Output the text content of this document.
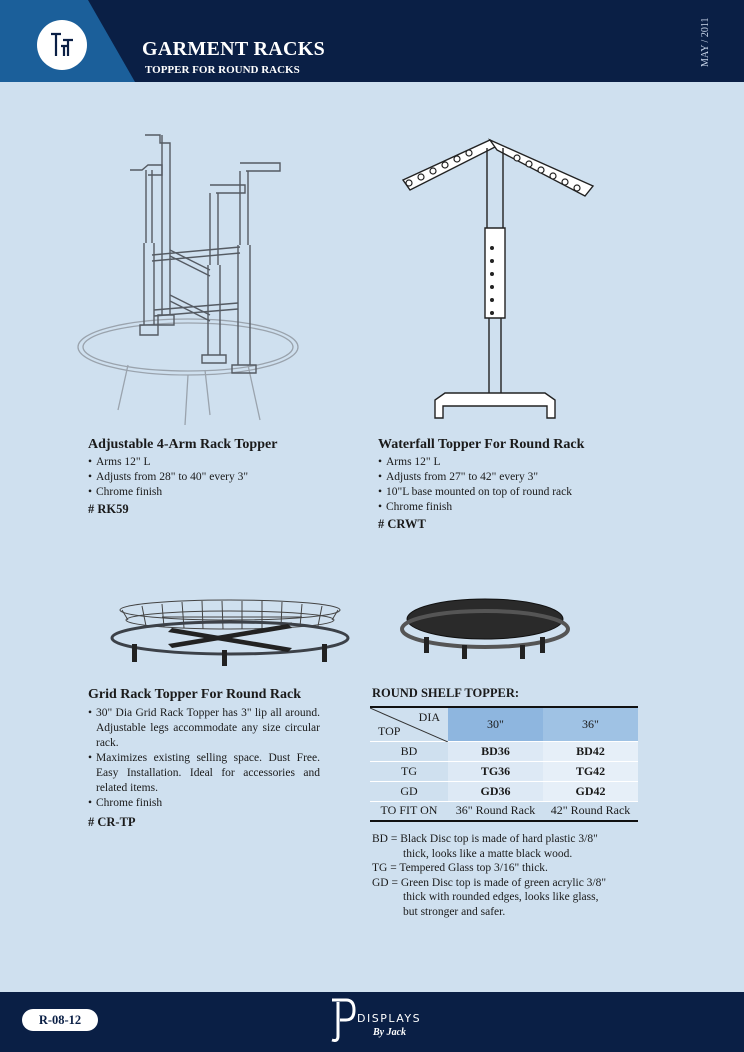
GARMENT RACKS
TOPPER FOR ROUND RACKS
MAY / 2011
Adjustable 4-Arm Rack Topper
• Arms 12" L
• Adjusts from 28" to 40" every 3"
• Chrome finish
# RK59
Waterfall Topper For Round Rack
• Arms 12" L
• Adjusts from 27" to 42" every 3"
• 10"L base mounted on top of round rack
• Chrome finish
# CRWT
Grid Rack Topper For Round Rack
• 30" Dia Grid Rack Topper has 3" lip all around. Adjustable legs accommodate any size circular rack.
• Maximizes existing selling space. Dust Free. Easy Installation. Ideal for accessories and related items.
• Chrome finish
# CR-TP
ROUND SHELF TOPPER:
DIA
TOP	30"	36"
BD	BD36	BD42
TG	TG36	TG42
GD	GD36	GD42
TO FIT ON	36" Round Rack	42" Round Rack
BD = Black Disc top is made of hard plastic 3/8"
thick, looks like a matte black wood.
TG = Tempered Glass top 3/16" thick.
GD = Green Disc top is made of green acrylic 3/8"
thick with rounded edges, looks like glass,
but stronger and safer.
R-08-12	DISPLAYS
By Jack
